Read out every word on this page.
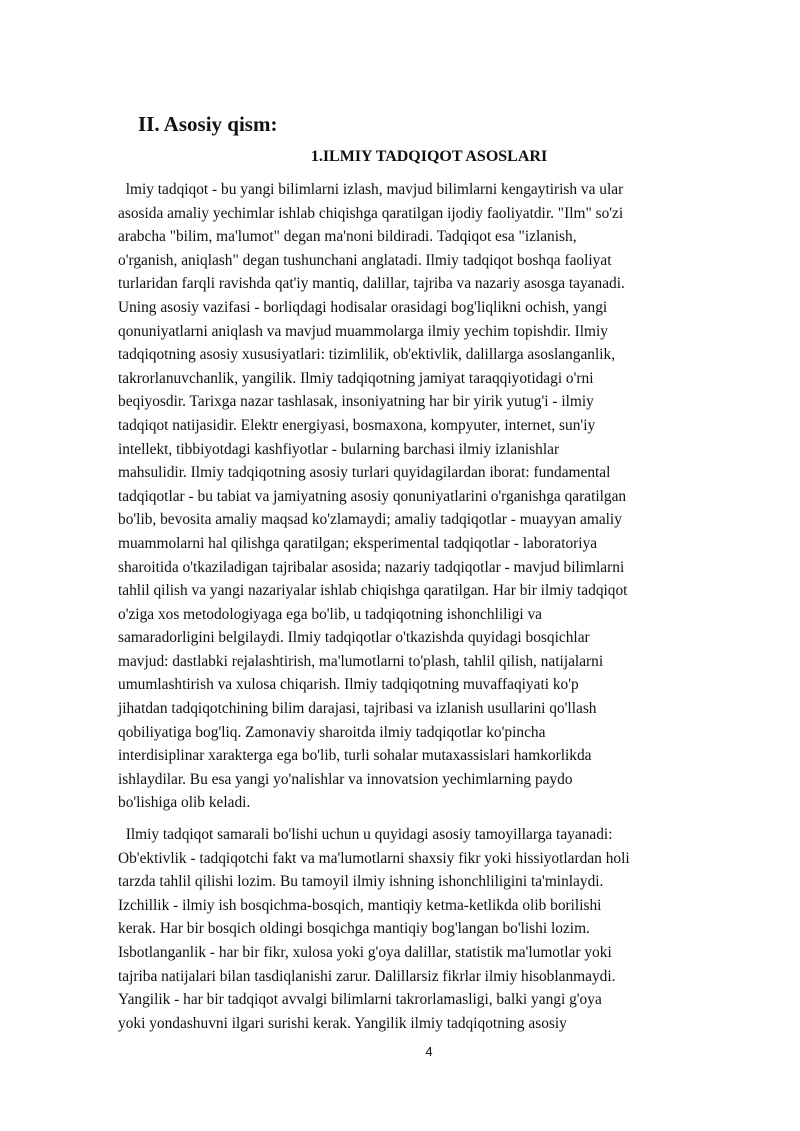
II. Asosiy qism:
1.ILMIY TADQIQOT ASOSLARI

lmiy tadqiqot - bu yangi bilimlarni izlash, mavjud bilimlarni kengaytirish va ular
asosida amaliy yechimlar ishlab chiqishga qaratilgan ijodiy faoliyatdir. "Ilm" so'zi
arabcha "bilim, ma'lumot" degan ma'noni bildiradi. Tadqiqot esa "izlanish,
o'rganish, aniqlash" degan tushunchani anglatadi. Ilmiy tadqiqot boshqa faoliyat
turlaridan farqli ravishda qat'iy mantiq, dalillar, tajriba va nazariy asosga tayanadi.
Uning asosiy vazifasi - borliqdagi hodisalar orasidagi bog'liqlikni ochish, yangi
qonuniyatlarni aniqlash va mavjud muammolarga ilmiy yechim topishdir. Ilmiy
tadqiqotning asosiy xususiyatlari: tizimlilik, ob'ektivlik, dalillarga asoslanganlik,
takrorlanuvchanlik, yangilik. Ilmiy tadqiqotning jamiyat taraqqiyotidagi o'rni
beqiyosdir. Tarixga nazar tashlasak, insoniyatning har bir yirik yutug'i - ilmiy
tadqiqot natijasidir. Elektr energiyasi, bosmaxona, kompyuter, internet, sun'iy
intellekt, tibbiyotdagi kashfiyotlar - bularning barchasi ilmiy izlanishlar
mahsulidir. Ilmiy tadqiqotning asosiy turlari quyidagilardan iborat: fundamental
tadqiqotlar - bu tabiat va jamiyatning asosiy qonuniyatlarini o'rganishga qaratilgan
bo'lib, bevosita amaliy maqsad ko'zlamaydi; amaliy tadqiqotlar - muayyan amaliy
muammolarni hal qilishga qaratilgan; eksperimental tadqiqotlar - laboratoriya
sharoitida o'tkaziladigan tajribalar asosida; nazariy tadqiqotlar - mavjud bilimlarni
tahlil qilish va yangi nazariyalar ishlab chiqishga qaratilgan. Har bir ilmiy tadqiqot
o'ziga xos metodologiyaga ega bo'lib, u tadqiqotning ishonchliligi va
samaradorligini belgilaydi. Ilmiy tadqiqotlar o'tkazishda quyidagi bosqichlar
mavjud: dastlabki rejalashtirish, ma'lumotlarni to'plash, tahlil qilish, natijalarni
umumlashtirish va xulosa chiqarish. Ilmiy tadqiqotning muvaffaqiyati ko'p
jihatdan tadqiqotchining bilim darajasi, tajribasi va izlanish usullarini qo'llash
qobiliyatiga bog'liq. Zamonaviy sharoitda ilmiy tadqiqotlar ko'pincha
interdisiplinar xarakterga ega bo'lib, turli sohalar mutaxassislari hamkorlikda
ishlaydilar. Bu esa yangi yo'nalishlar va innovatsion yechimlarning paydo
bo'lishiga olib keladi.

Ilmiy tadqiqot samarali bo'lishi uchun u quyidagi asosiy tamoyillarga tayanadi:
Ob'ektivlik - tadqiqotchi fakt va ma'lumotlarni shaxsiy fikr yoki hissiyotlardan holi
tarzda tahlil qilishi lozim. Bu tamoyil ilmiy ishning ishonchliligini ta'minlaydi.
Izchillik - ilmiy ish bosqichma-bosqich, mantiqiy ketma-ketlikda olib borilishi
kerak. Har bir bosqich oldingi bosqichga mantiqiy bog'langan bo'lishi lozim.
Isbotlanganlik - har bir fikr, xulosa yoki g'oya dalillar, statistik ma'lumotlar yoki
tajriba natijalari bilan tasdiqlanishi zarur. Dalillarsiz fikrlar ilmiy hisoblanmaydi.
Yangilik - har bir tadqiqot avvalgi bilimlarni takrorlamasligi, balki yangi g'oya
yoki yondashuvni ilgari surishi kerak. Yangilik ilmiy tadqiqotning asosiy

4
